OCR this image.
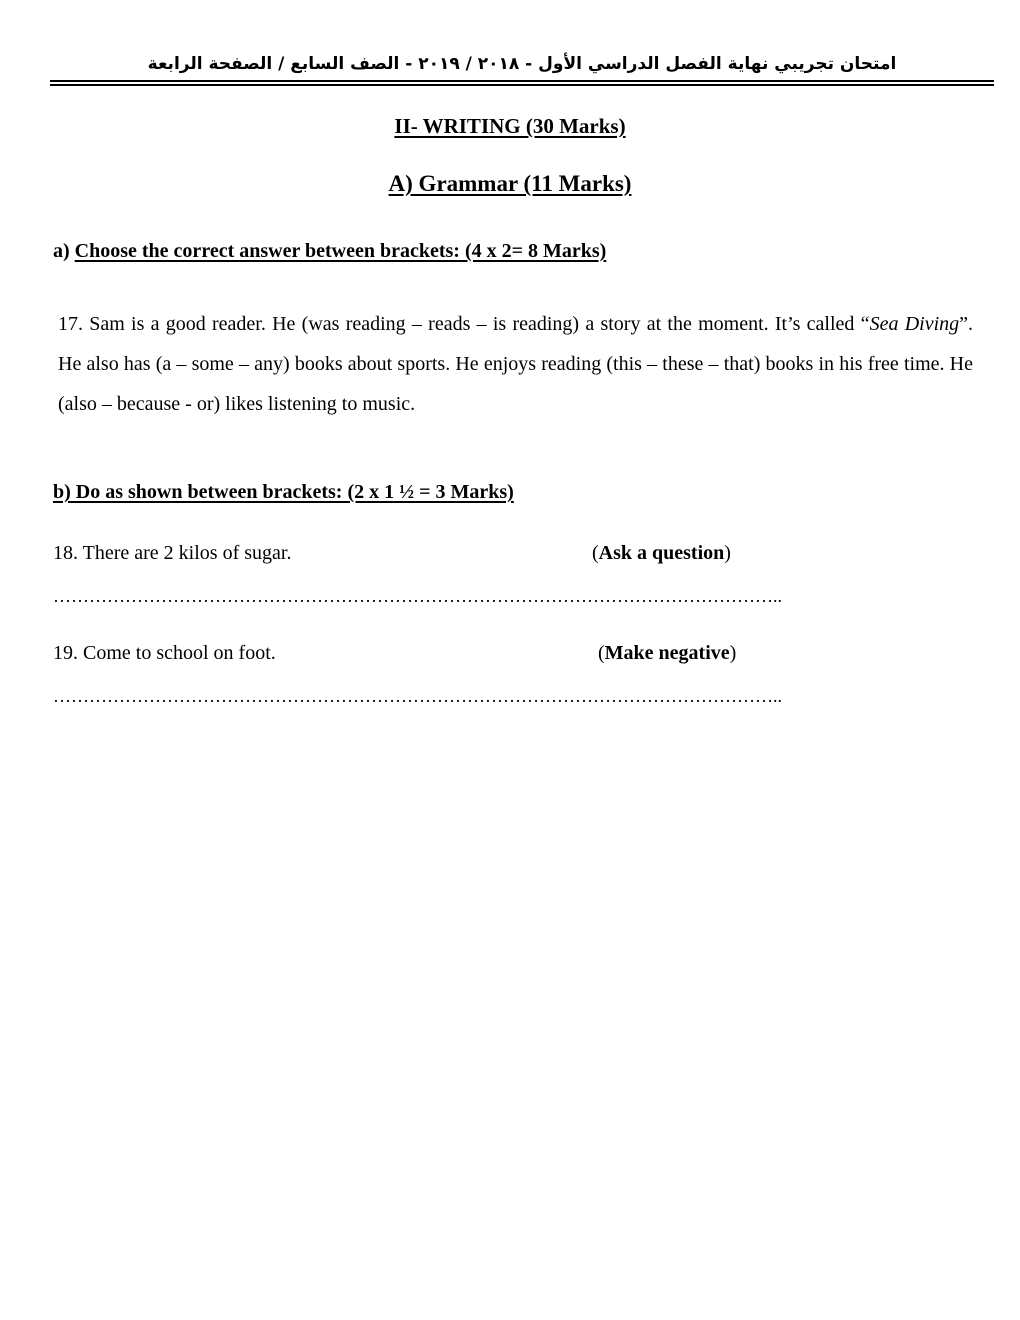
امتحان تجريبي نهاية الفصل الدراسي الأول - ٢٠١٨ / ٢٠١٩ - الصف السابع / الصفحة الرابعة
II- WRITING (30 Marks)
A) Grammar (11 Marks)
a) Choose the correct answer between brackets: (4 x 2= 8 Marks)
17. Sam is a good reader. He (was reading – reads – is reading) a story at the moment. It’s called “Sea Diving”. He also has (a – some – any) books about sports. He enjoys reading (this – these – that) books in his free time. He (also – because - or) likes listening to music.
b) Do as shown between brackets: (2 x 1 ½ = 3 Marks)
18. There are 2 kilos of sugar.	(Ask a question)
…………………………………………………………………………………………………………..
19. Come to school on foot.	(Make negative)
…………………………………………………………………………………………………………..
